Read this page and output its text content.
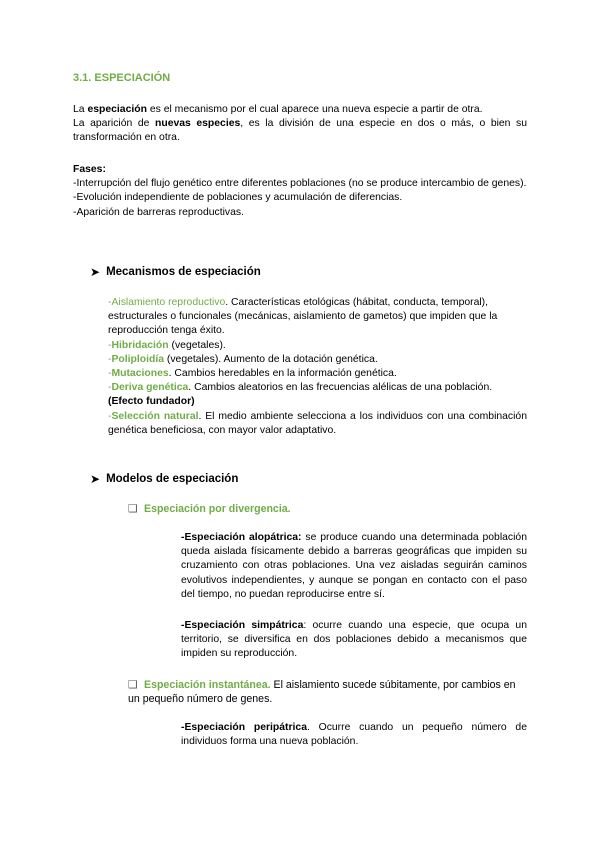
3.1. ESPECIACIÓN

La especiación es el mecanismo por el cual aparece una nueva especie a partir de otra.

La aparición de nuevas especies, es la división de una especie en dos o más, o bien su transformación en otra.

Fases:

-Interrupción del flujo genético entre diferentes poblaciones (no se produce intercambio de genes).

-Evolución independiente de poblaciones y acumulación de diferencias.

-Aparición de barreras reproductivas.

➤ Mecanismos de especiación

-Aislamiento reproductivo. Características etológicas (hábitat, conducta, temporal), estructurales o funcionales (mecánicas, aislamiento de gametos) que impiden que la reproducción tenga éxito.

-Hibridación (vegetales).

-Poliploidía (vegetales). Aumento de la dotación genética.

-Mutaciones. Cambios heredables en la información genética.

-Deriva genética. Cambios aleatorios en las frecuencias alélicas de una población.
(Efecto fundador)

-Selección natural. El medio ambiente selecciona a los individuos con una combinación genética beneficiosa, con mayor valor adaptativo.

➤ Modelos de especiación

❑ Especiación por divergencia.

-Especiación alopátrica: se produce cuando una determinada población queda aislada físicamente debido a barreras geográficas que impiden su cruzamiento con otras poblaciones. Una vez aisladas seguirán caminos evolutivos independientes, y aunque se pongan en contacto con el paso del tiempo, no puedan reproducirse entre sí.

-Especiación simpátrica: ocurre cuando una especie, que ocupa un territorio, se diversifica en dos poblaciones debido a mecanismos que impiden su reproducción.

❑ Especiación instantánea. El aislamiento sucede súbitamente, por cambios en un pequeño número de genes.

-Especiación peripátrica. Ocurre cuando un pequeño número de individuos forma una nueva población.
